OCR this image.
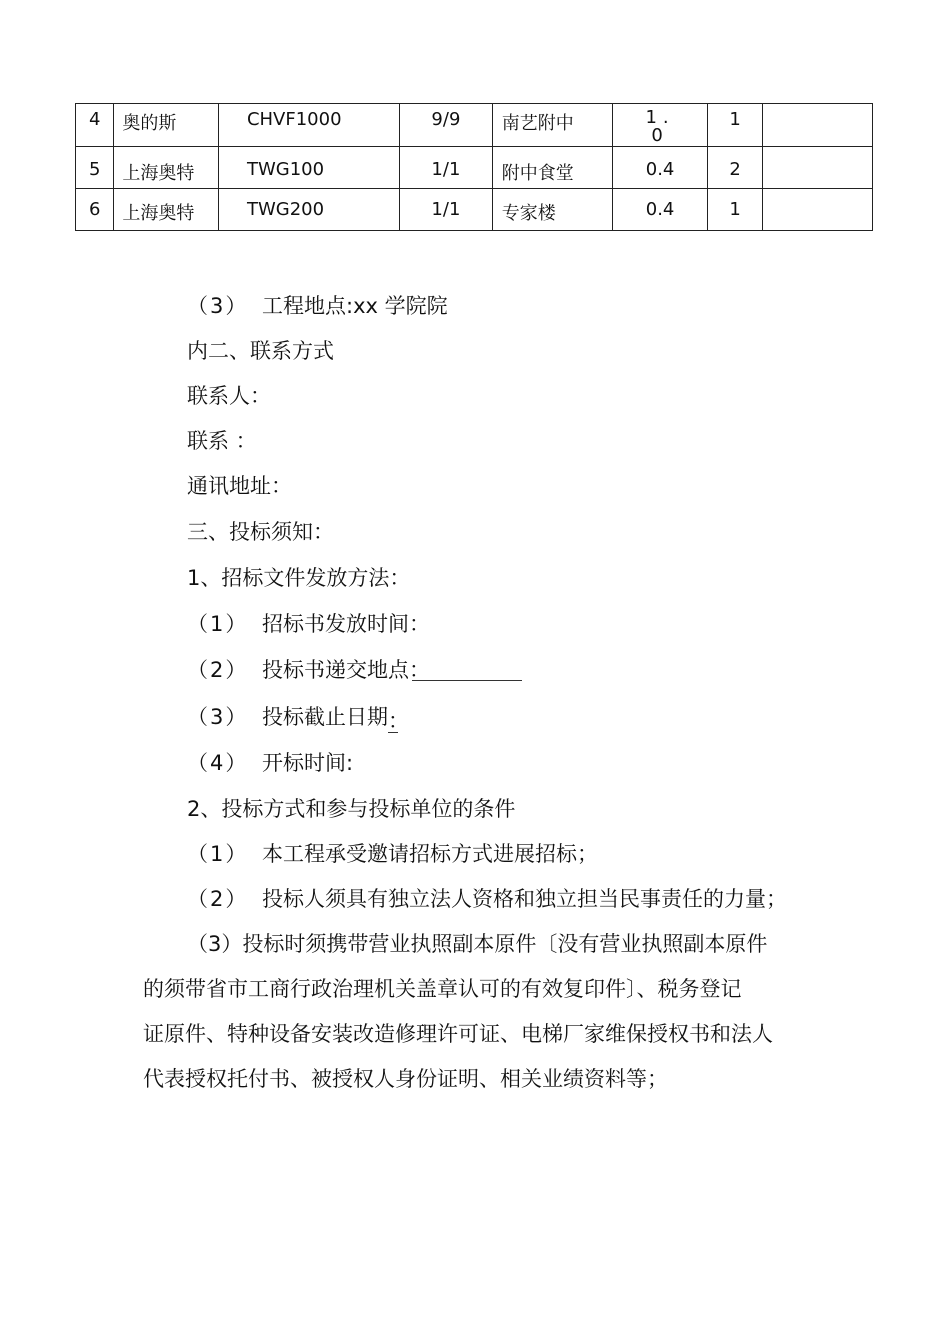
4	奥的斯	CHVF1000	9/9	南艺附中	1.0	1	

5	上海奥特	TWG100	1/1	附中食堂	0.4	2	

6	上海奥特	TWG200	1/1	专家楼	0.4	1	

（3） 工程地点:xx 学院院
内二、联系方式
联系人：
联系 ：
通讯地址：
三、投标须知：
1、招标文件发放方法：
（1） 招标书发放时间：
（2） 投标书递交地点：
（3） 投标截止日期：
（4） 开标时间:
2、投标方式和参与投标单位的条件
（1） 本工程承受邀请招标方式进展招标；
（2） 投标人须具有独立法人资格和独立担当民事责任的力量；
（3）投标时须携带营业执照副本原件〔没有营业执照副本原件
的须带省市工商行政治理机关盖章认可的有效复印件〕、税务登记
证原件、特种设备安装改造修理许可证、电梯厂家维保授权书和法人
代表授权托付书、被授权人身份证明、相关业绩资料等；
